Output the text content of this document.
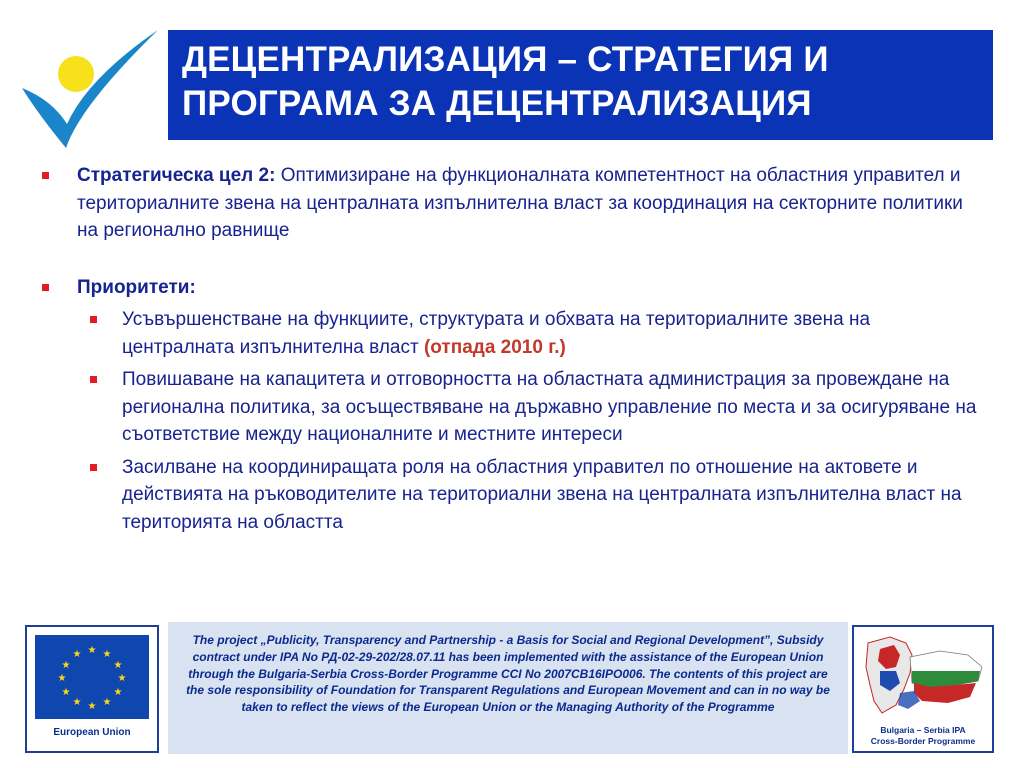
ДЕЦЕНТРАЛИЗАЦИЯ – СТРАТЕГИЯ И
ПРОГРАМА ЗА ДЕЦЕНТРАЛИЗАЦИЯ
Стратегическа цел 2: Оптимизиране на функционалната компетентност на областния управител и териториалните звена на централната изпълнителна власт за координация на секторните политики на регионално равнище
Приоритети:
Усъвършенстване на функциите, структурата и обхвата на териториалните звена на централната изпълнителна власт (отпада 2010 г.)
Повишаване на капацитета и отговорността на областната администрация за провеждане на регионална политика, за осъществяване на държавно управление по места и за осигуряване на съответствие между националните и местните интереси
Засилване на координиращата роля на областния управител по отношение на актовете и действията на ръководителите на териториални звена на централната изпълнителна власт на територията на областта
★ ★
★
★
★
★
★
★
★
★
★
★
European Union
The project „Publicity, Transparency and Partnership - a Basis for Social and Regional Development”, Subsidy contract under IPA No РД-02-29-202/28.07.11 has been implemented with the assistance of the European Union through the Bulgaria-Serbia Cross-Border Programme CCI No 2007CB16IPO006. The contents of this project are the sole responsibility of Foundation for Transparent Regulations and European Movement and can in no way be taken to reflect the views of the European Union or the Managing Authority of the Programme
Bulgaria – Serbia IPA
Cross-Border Programme
